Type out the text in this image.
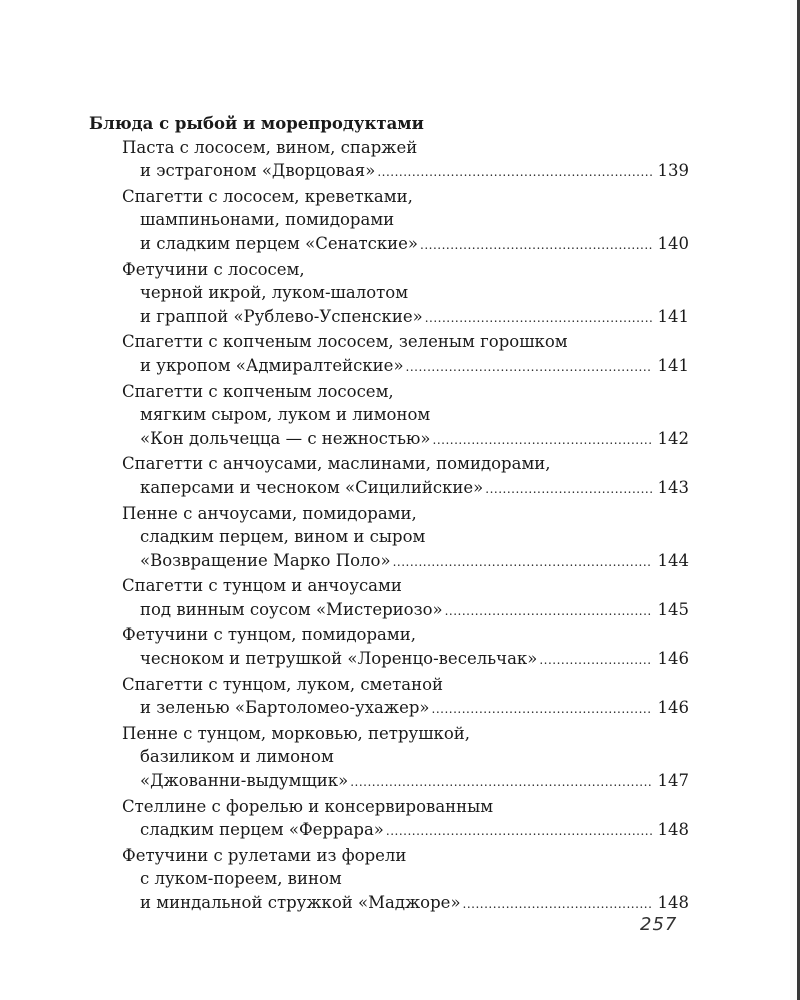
Блюда с рыбой и морепродуктами
Паста с лососем, вином, спаржей
и эстрагоном «Дворцовая» .....	139
Спагетти с лососем, креветками,
шампиньонами, помидорами
и сладким перцем «Сенатские» .....	140
Фетучини с лососем,
черной икрой, луком-шалотом
и граппой «Рублево-Успенские» .....	141
Спагетти с копченым лососем, зеленым горошком
и укропом «Адмиралтейские» .....	141
Спагетти с копченым лососем,
мягким сыром, луком и лимоном
«Кон дольчецца — с нежностью» .....	142
Спагетти с анчоусами, маслинами, помидорами,
каперсами и чесноком «Сицилийские» .....	143
Пенне с анчоусами, помидорами,
сладким перцем, вином и сыром
«Возвращение Марко Поло» .....	144
Спагетти с тунцом и анчоусами
под винным соусом «Мистериозо» .....	145
Фетучини с тунцом, помидорами,
чесноком и петрушкой «Лоренцо-весельчак» .....	146
Спагетти с тунцом, луком, сметаной
и зеленью «Бартоломео-ухажер» .....	146
Пенне с тунцом, морковью, петрушкой,
базиликом и лимоном
«Джованни-выдумщик» .....	147
Стеллине с форелью и консервированным
сладким перцем «Феррара» .....	148
Фетучини с рулетами из форели
с луком-пореем, вином
и миндальной стружкой «Маджоре» .....	148
257
